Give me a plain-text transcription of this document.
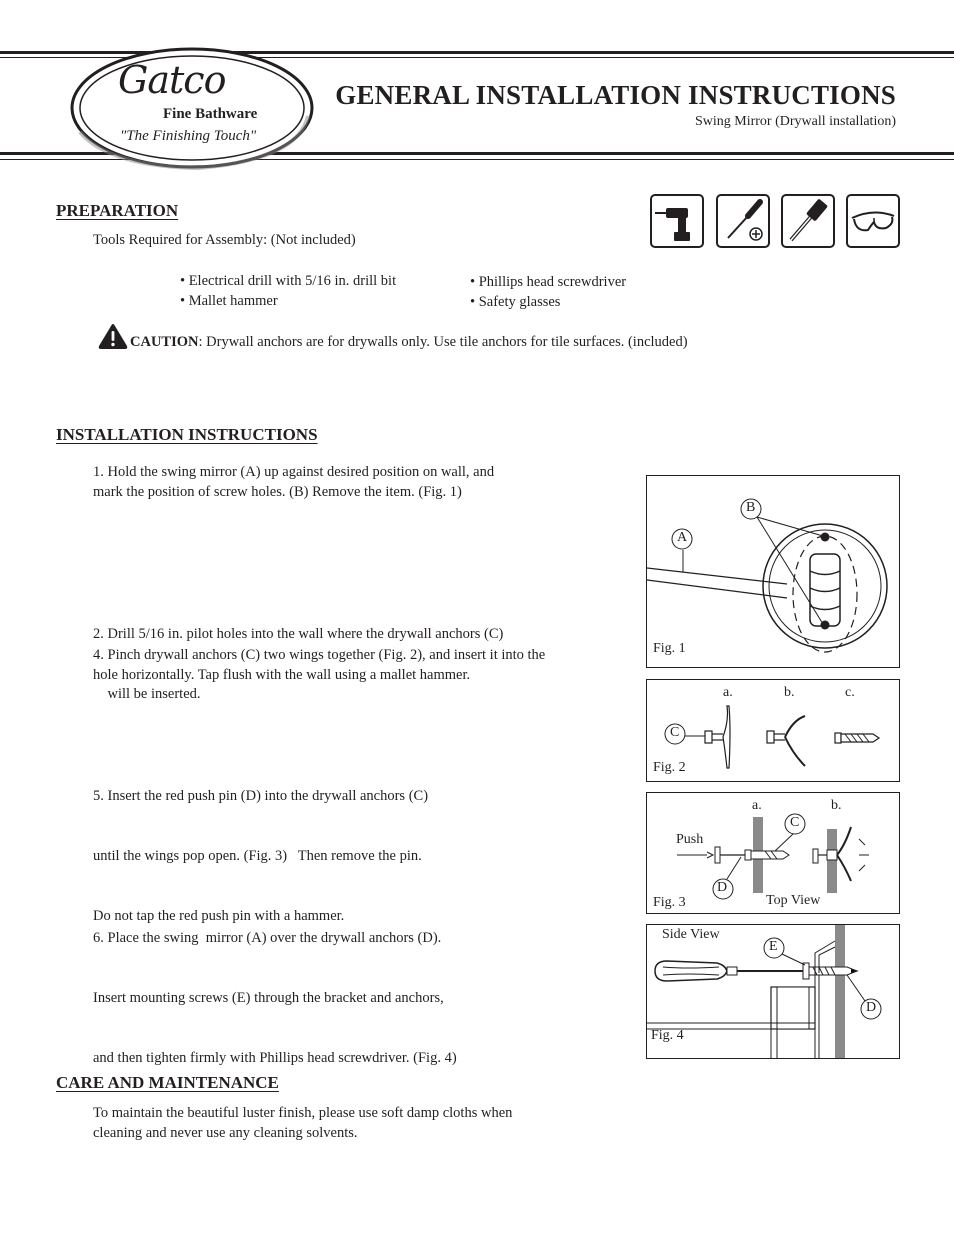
Gatco
Fine Bathware
"The Finishing Touch"
GENERAL INSTALLATION INSTRUCTIONS
Swing Mirror (Drywall installation)
PREPARATION
Tools Required for Assembly: (Not included)
• Electrical drill with 5/16 in. drill bit
• Mallet hammer
• Phillips head screwdriver
• Safety glasses
CAUTION: Drywall anchors are for drywalls only. Use tile anchors for tile surfaces. (included)
INSTALLATION INSTRUCTIONS
1. Hold the swing mirror (A) up against desired position on wall, and
mark the position of screw holes. (B) Remove the item. (Fig. 1)

2. Drill 5/16 in. pilot holes into the wall where the drywall anchors (C)

will be inserted.

4. Pinch drywall anchors (C) two wings together (Fig. 2), and insert it into the
hole horizontally. Tap flush with the wall using a mallet hammer.

5. Insert the red push pin (D) into the drywall anchors (C)

until the wings pop open. (Fig. 3)   Then remove the pin.

Do not tap the red push pin with a hammer.

6. Place the swing  mirror (A) over the drywall anchors (D).

Insert mounting screws (E) through the bracket and anchors,

and then tighten firmly with Phillips head screwdriver. (Fig. 4)

B
A
Fig. 1
C
a.	b.	c.
Fig. 2
Push
a.	b.
C
D
Top View
Fig. 3
Side View
E
D
Fig. 4
CARE AND MAINTENANCE
To maintain the beautiful luster finish, please use soft damp cloths when
cleaning and never use any cleaning solvents.
